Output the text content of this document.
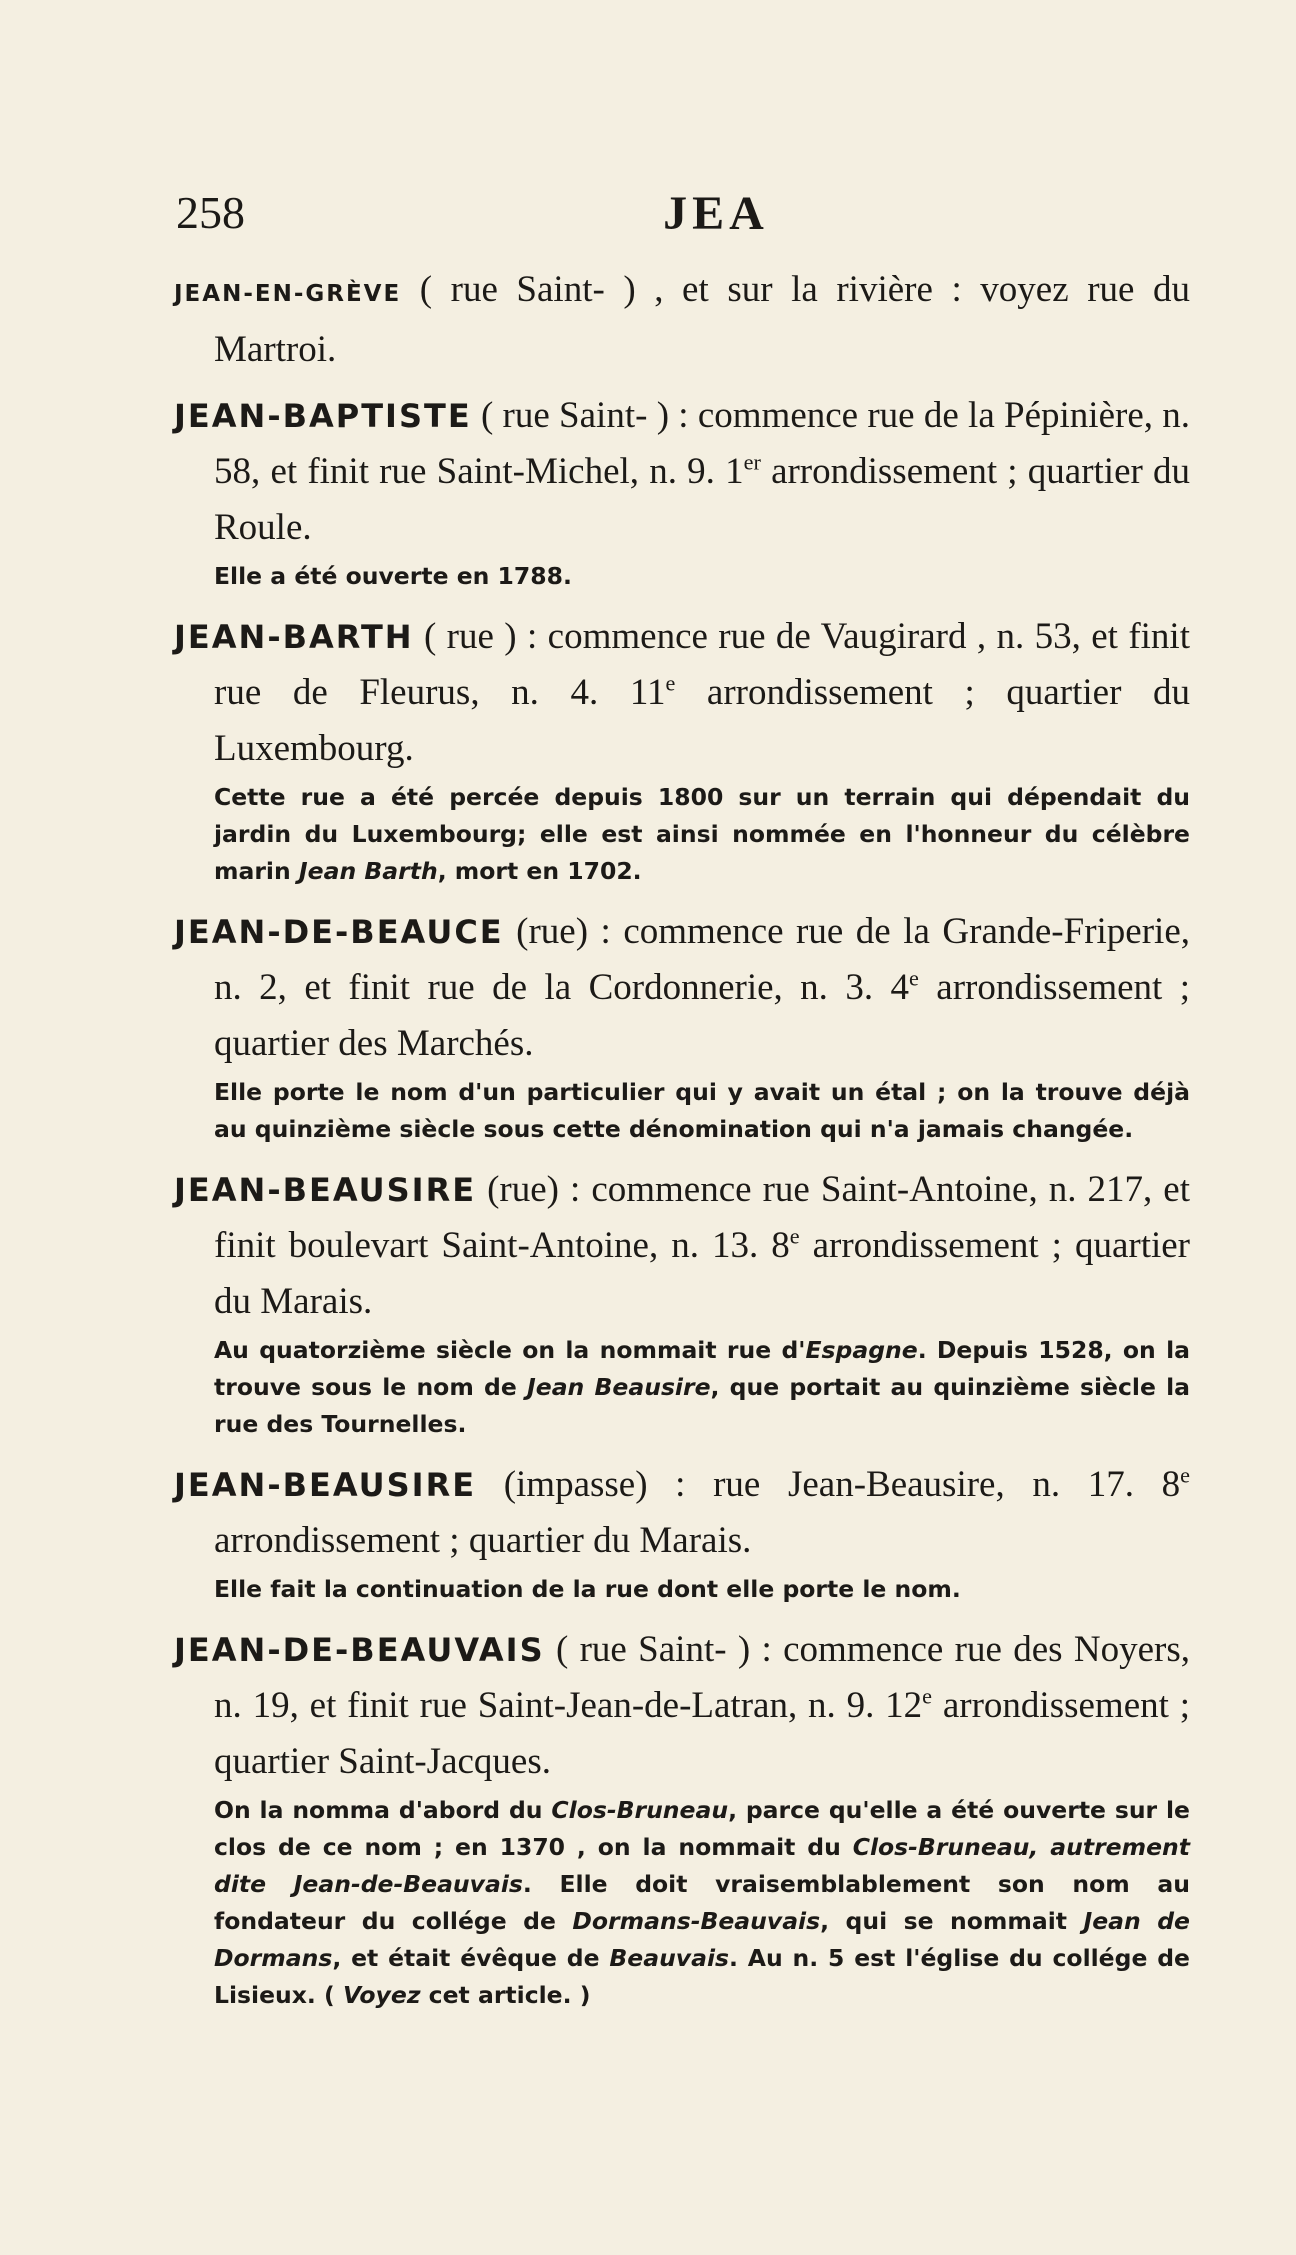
258	JEA

JEAN-EN-GRÈVE ( rue Saint- ) , et sur la rivière : voyez rue du Martroi.

JEAN-BAPTISTE ( rue Saint- ) : commence rue de la Pépinière, n. 58, et finit rue Saint-Michel, n. 9. 1er arrondissement ; quartier du Roule.

Elle a été ouverte en 1788.

JEAN-BARTH ( rue ) : commence rue de Vaugirard , n. 53, et finit rue de Fleurus, n. 4. 11e arrondissement ; quartier du Luxembourg.

Cette rue a été percée depuis 1800 sur un terrain qui dépendait du jardin du Luxembourg; elle est ainsi nommée en l'honneur du célèbre marin Jean Barth, mort en 1702.

JEAN-DE-BEAUCE (rue) : commence rue de la Grande-Friperie, n. 2, et finit rue de la Cordonnerie, n. 3. 4e arrondissement ; quartier des Marchés.

Elle porte le nom d'un particulier qui y avait un étal ; on la trouve déjà au quinzième siècle sous cette dénomination qui n'a jamais changée.

JEAN-BEAUSIRE (rue) : commence rue Saint-Antoine, n. 217, et finit boulevart Saint-Antoine, n. 13. 8e arrondissement ; quartier du Marais.

Au quatorzième siècle on la nommait rue d'Espagne. Depuis 1528, on la trouve sous le nom de Jean Beausire, que portait au quinzième siècle la rue des Tournelles.

JEAN-BEAUSIRE (impasse) : rue Jean-Beausire, n. 17. 8e arrondissement ; quartier du Marais.

Elle fait la continuation de la rue dont elle porte le nom.

JEAN-DE-BEAUVAIS ( rue Saint- ) : commence rue des Noyers, n. 19, et finit rue Saint-Jean-de-Latran, n. 9. 12e arrondissement ; quartier Saint-Jacques.

On la nomma d'abord du Clos-Bruneau, parce qu'elle a été ouverte sur le clos de ce nom ; en 1370 , on la nommait du Clos-Bruneau, autrement dite Jean-de-Beauvais. Elle doit vraisemblablement son nom au fondateur du collége de Dormans-Beauvais, qui se nommait Jean de Dormans, et était évêque de Beauvais. Au n. 5 est l'église du collége de Lisieux. ( Voyez cet article. )
